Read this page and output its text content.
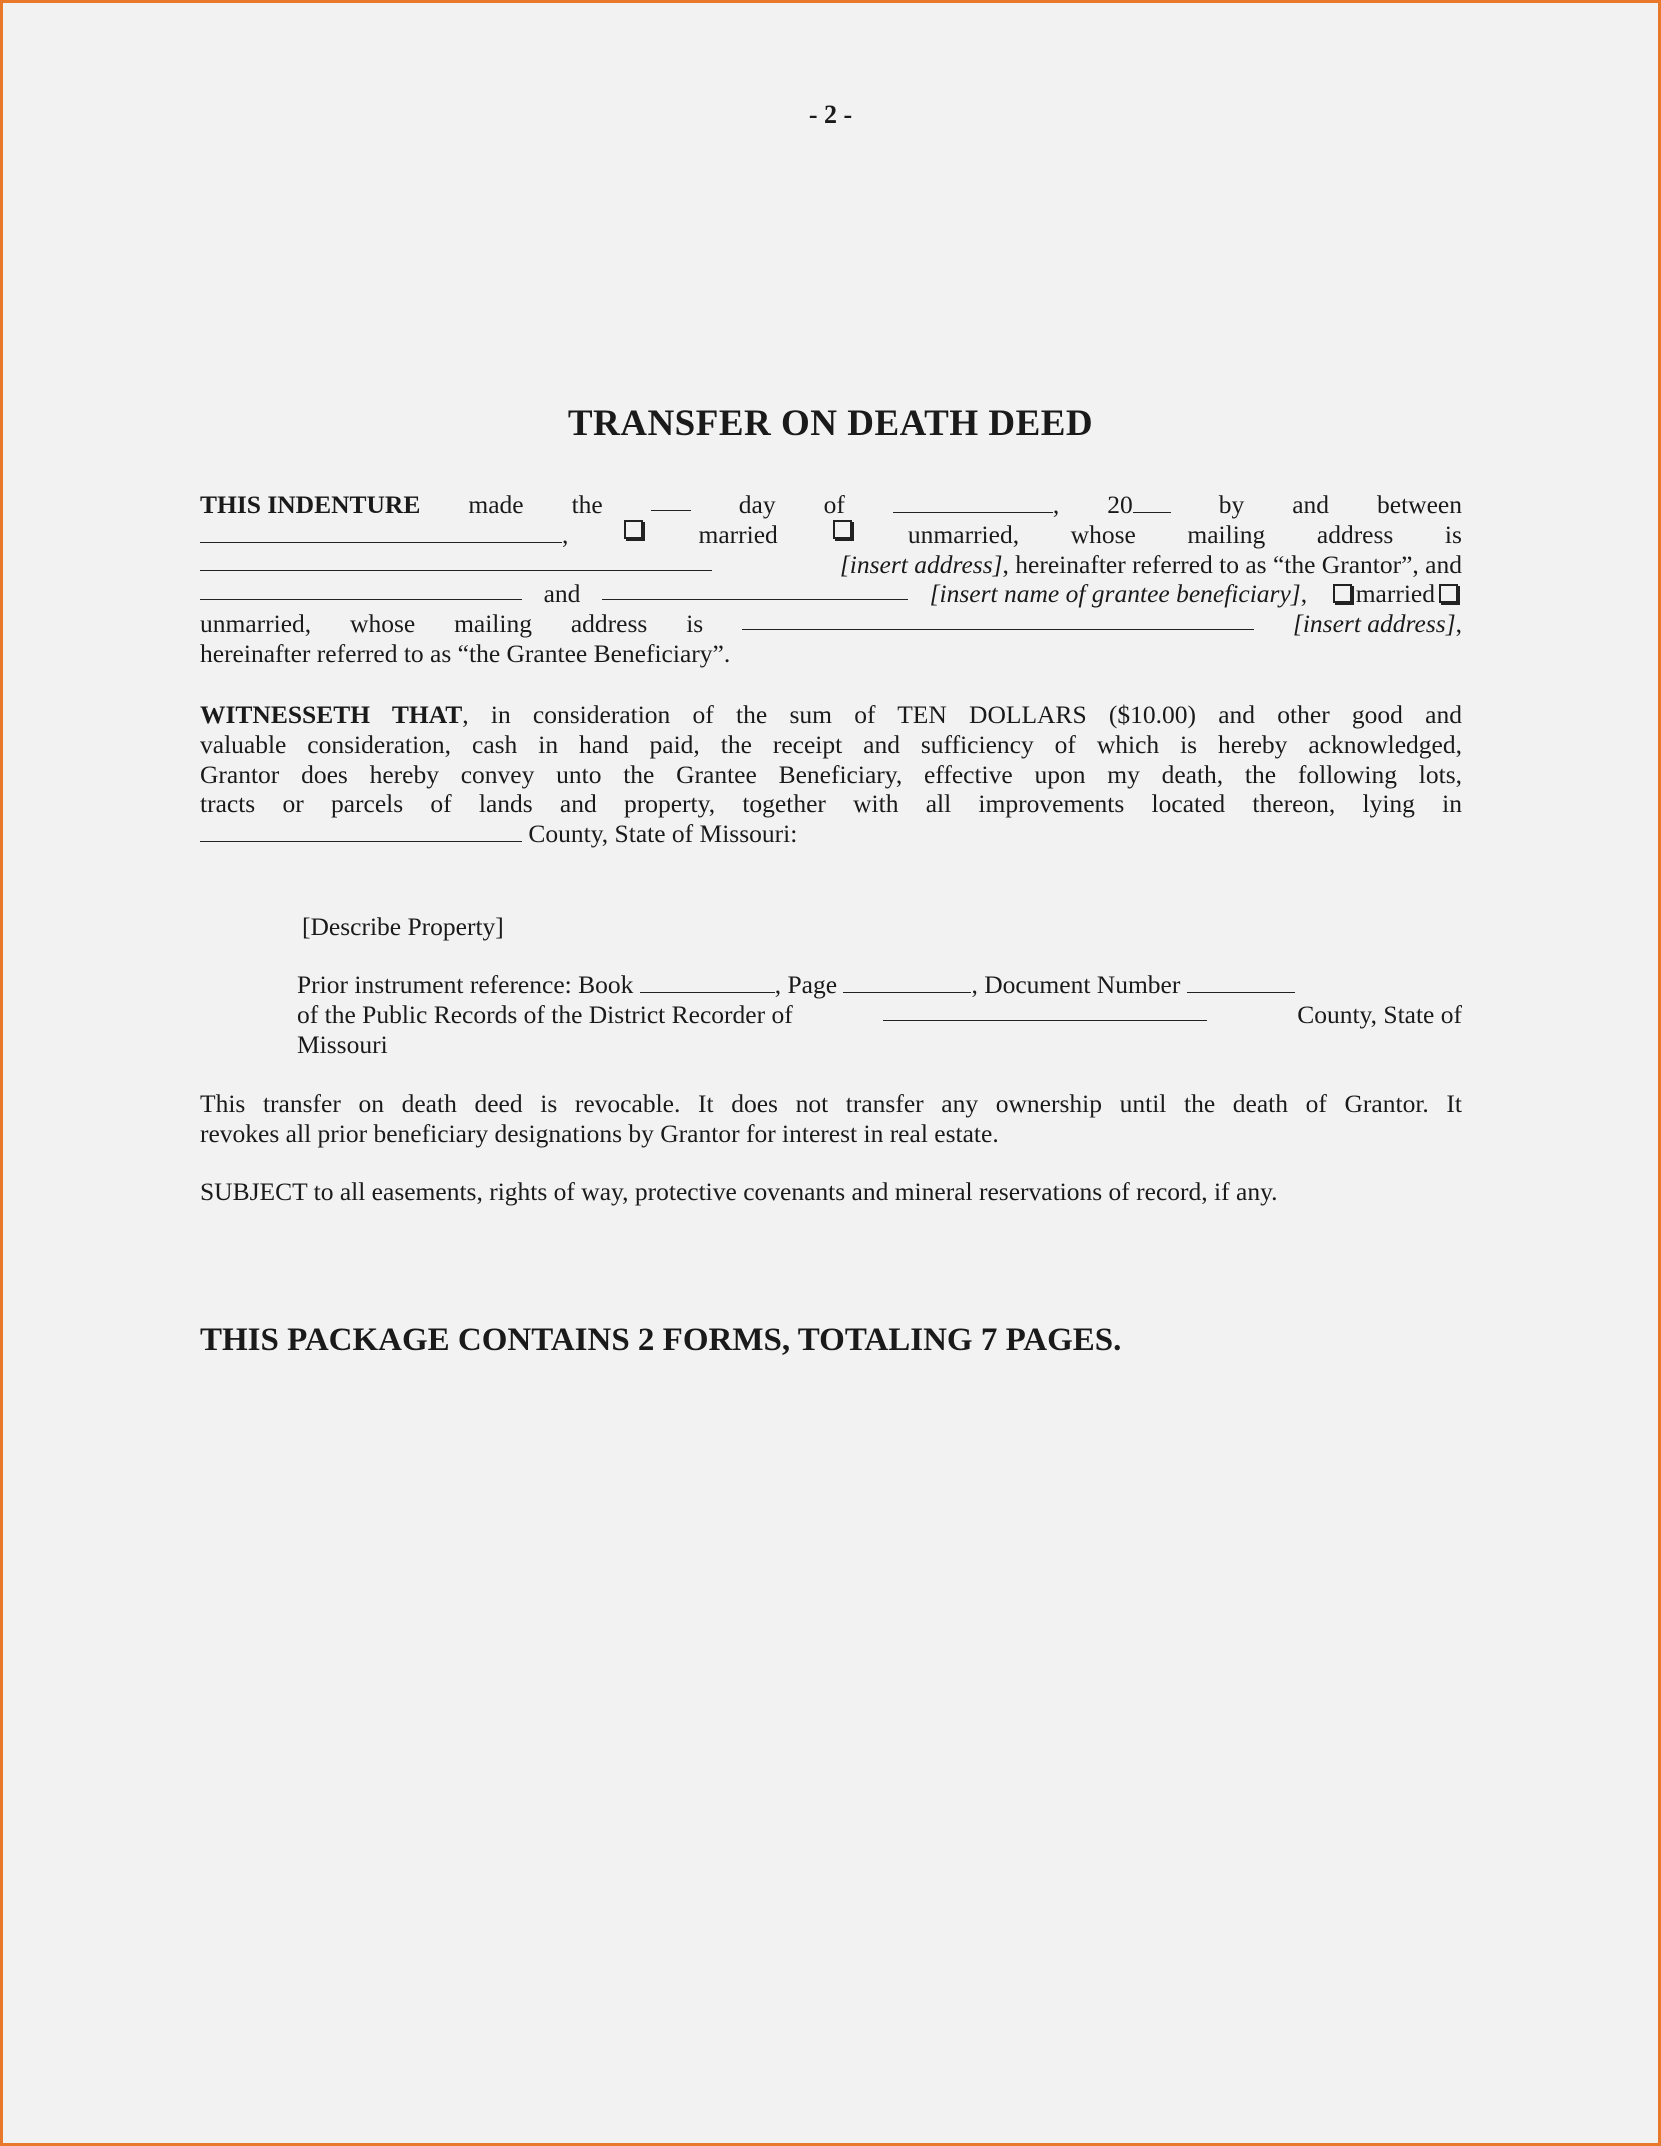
- 2 -
TRANSFER ON DEATH DEED
THIS INDENTURE made the	day of	, 20	by and between
,	married	unmarried, whose mailing address is
[insert address], hereinafter referred to as “the Grantor”, and
and	[insert name of grantee beneficiary],	married
unmarried, whose mailing address is	[insert address],
hereinafter referred to as “the Grantee Beneficiary”.
WITNESSETH THAT, in consideration of the sum of TEN DOLLARS ($10.00) and other good and
valuable consideration, cash in hand paid, the receipt and sufficiency of which is hereby acknowledged,
Grantor does hereby convey unto the Grantee Beneficiary, effective upon my death, the following lots,
tracts or parcels of lands and property, together with all improvements located thereon, lying in
County, State of Missouri:
[Describe Property]
Prior instrument reference: Book	, Page	, Document Number
of the Public Records of the District Recorder of	County, State of
Missouri
This transfer on death deed is revocable. It does not transfer any ownership until the death of Grantor. It
revokes all prior beneficiary designations by Grantor for interest in real estate.
SUBJECT to all easements, rights of way, protective covenants and mineral reservations of record, if any.
THIS PACKAGE CONTAINS 2 FORMS, TOTALING 7 PAGES.
